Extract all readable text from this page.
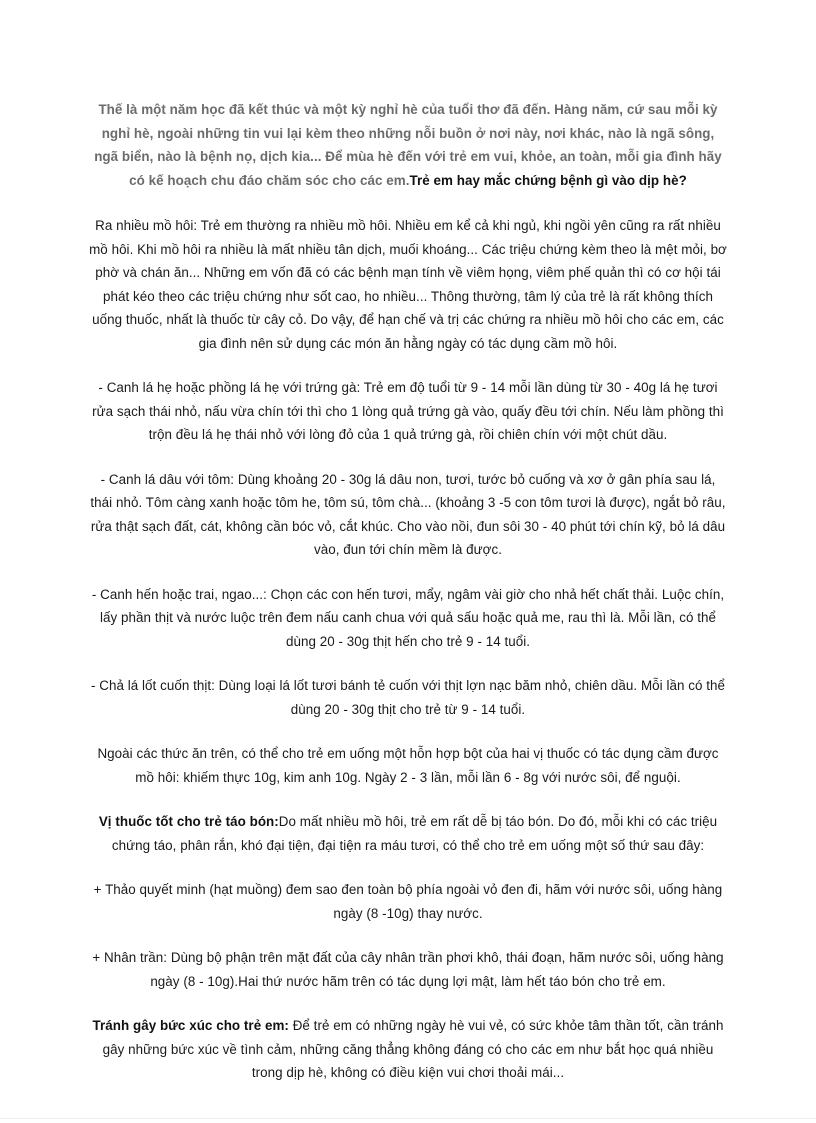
Thế là một năm học đã kết thúc và một kỳ nghỉ hè của tuổi thơ đã đến. Hàng năm, cứ sau mỗi kỳ nghỉ hè, ngoài những tin vui lại kèm theo những nỗi buồn ở nơi này, nơi khác, nào là ngã sông, ngã biển, nào là bệnh nọ, dịch kia... Để mùa hè đến với trẻ em vui, khỏe, an toàn, mỗi gia đình hãy có kế hoạch chu đáo chăm sóc cho các em.Trẻ em hay mắc chứng bệnh gì vào dịp hè?

Ra nhiều mồ hôi: Trẻ em thường ra nhiều mồ hôi. Nhiều em kể cả khi ngủ, khi ngồi yên cũng ra rất nhiều mồ hôi. Khi mồ hôi ra nhiều là mất nhiều tân dịch, muối khoáng... Các triệu chứng kèm theo là mệt mỏi, bơ phờ và chán ăn... Những em vốn đã có các bệnh mạn tính về viêm họng, viêm phế quản thì có cơ hội tái phát kéo theo các triệu chứng như sốt cao, ho nhiều... Thông thường, tâm lý của trẻ là rất không thích uống thuốc, nhất là thuốc từ cây cỏ. Do vậy, để hạn chế và trị các chứng ra nhiều mồ hôi cho các em, các gia đình nên sử dụng các món ăn hằng ngày có tác dụng cầm mồ hôi.

- Canh lá hẹ hoặc phồng lá hẹ với trứng gà: Trẻ em độ tuổi từ 9 - 14 mỗi lần dùng từ 30 - 40g lá hẹ tươi rửa sạch thái nhỏ, nấu vừa chín tới thì cho 1 lòng quả trứng gà vào, quấy đều tới chín. Nếu làm phồng thì trộn đều lá hẹ thái nhỏ với lòng đỏ của 1 quả trứng gà, rồi chiên chín với một chút dầu.

- Canh lá dâu với tôm: Dùng khoảng 20 - 30g lá dâu non, tươi, tước bỏ cuống và xơ ở gân phía sau lá, thái nhỏ. Tôm càng xanh hoặc tôm he, tôm sú, tôm chà... (khoảng 3 -5 con tôm tươi là được), ngắt bỏ râu, rửa thật sạch đất, cát, không cần bóc vỏ, cắt khúc. Cho vào nồi, đun sôi 30 - 40 phút tới chín kỹ, bỏ lá dâu vào, đun tới chín mềm là được.

- Canh hến hoặc trai, ngao...: Chọn các con hến tươi, mẩy, ngâm vài giờ cho nhả hết chất thải. Luộc chín, lấy phần thịt và nước luộc trên đem nấu canh chua với quả sấu hoặc quả me, rau thì là. Mỗi lần, có thể dùng 20 - 30g thịt hến cho trẻ 9 - 14 tuổi.

- Chả lá lốt cuốn thịt: Dùng loại lá lốt tươi bánh tẻ cuốn với thịt lợn nạc băm nhỏ, chiên dầu. Mỗi lần có thể dùng 20 - 30g thịt cho trẻ từ 9 - 14 tuổi.

Ngoài các thức ăn trên, có thể cho trẻ em uống một hỗn hợp bột của hai vị thuốc có tác dụng cầm được mồ hôi: khiếm thực 10g, kim anh 10g. Ngày 2 - 3 lần, mỗi lần 6 - 8g với nước sôi, để nguội.

Vị thuốc tốt cho trẻ táo bón:Do mất nhiều mồ hôi, trẻ em rất dễ bị táo bón. Do đó, mỗi khi có các triệu chứng táo, phân rắn, khó đại tiện, đại tiện ra máu tươi, có thể cho trẻ em uống một số thứ sau đây:

+ Thảo quyết minh (hạt muồng) đem sao đen toàn bộ phía ngoài vỏ đen đi, hãm với nước sôi, uống hàng ngày (8 -10g) thay nước.

+ Nhân trần: Dùng bộ phận trên mặt đất của cây nhân trần phơi khô, thái đoạn, hãm nước sôi, uống hàng ngày (8 - 10g).Hai thứ nước hãm trên có tác dụng lợi mật, làm hết táo bón cho trẻ em.

Tránh gây bức xúc cho trẻ em: Để trẻ em có những ngày hè vui vẻ, có sức khỏe tâm thần tốt, cần tránh gây những bức xúc về tình cảm, những căng thẳng không đáng có cho các em như bắt học quá nhiều trong dịp hè, không có điều kiện vui chơi thoải mái...
